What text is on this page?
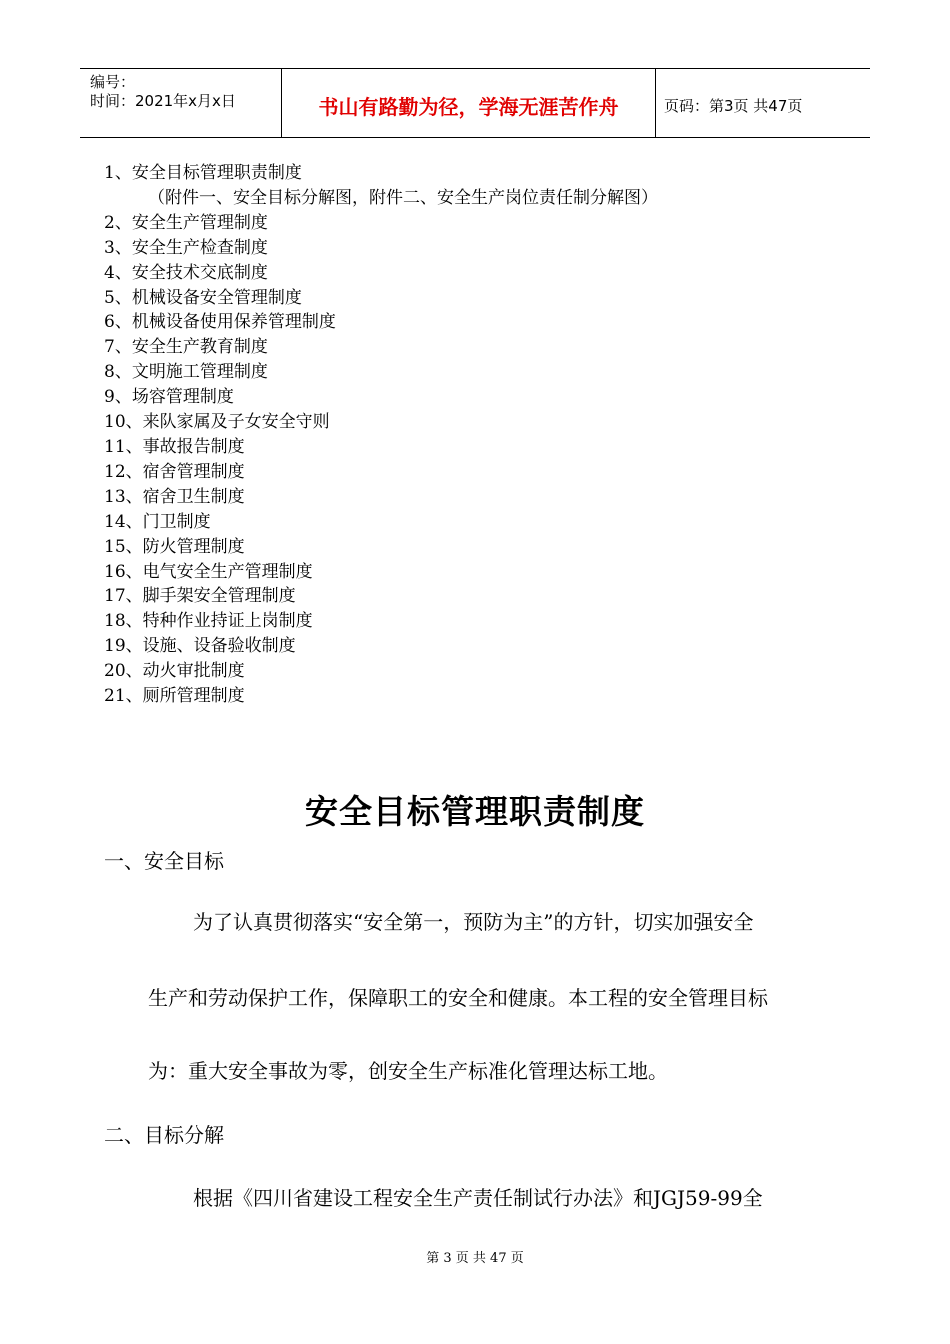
编号：
时间：2021年x月x日	书山有路勤为径，学海无涯苦作舟	页码：第3页 共47页
1、安全目标管理职责制度
（附件一、安全目标分解图，附件二、安全生产岗位责任制分解图）
2、安全生产管理制度
3、安全生产检查制度
4、安全技术交底制度
5、机械设备安全管理制度
6、机械设备使用保养管理制度
7、安全生产教育制度
8、文明施工管理制度
9、场容管理制度
10、来队家属及子女安全守则
11、事故报告制度
12、宿舍管理制度
13、宿舍卫生制度
14、门卫制度
15、防火管理制度
16、电气安全生产管理制度
17、脚手架安全管理制度
18、特种作业持证上岗制度
19、设施、设备验收制度
20、动火审批制度
21、厕所管理制度
安全目标管理职责制度
一、安全目标
为了认真贯彻落实“安全第一，预防为主”的方针，切实加强安全
生产和劳动保护工作，保障职工的安全和健康。本工程的安全管理目标
为：重大安全事故为零，创安全生产标准化管理达标工地。
二、目标分解
根据《四川省建设工程安全生产责任制试行办法》和JGJ59-99全
第 3 页 共 47 页
